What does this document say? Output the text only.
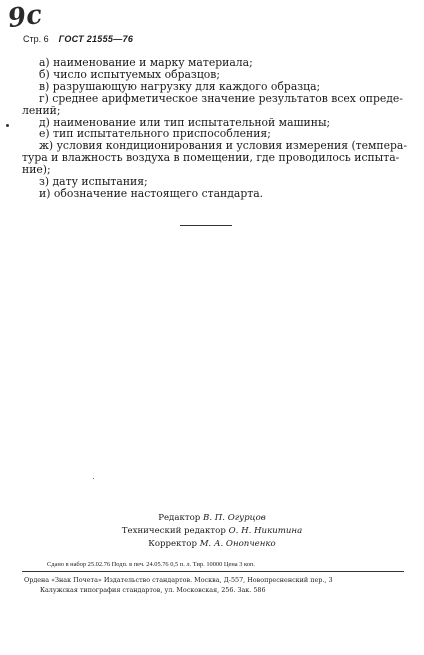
9c
Стр. 6 ГОСТ 21555—76
а) наименование и марку материала;
б) число испытуемых образцов;
в) разрушающую нагрузку для каждого образца;
г) среднее арифметическое значение результатов всех опреде-
лений;
д) наименование или тип испытательной машины;
е) тип испытательного приспособления;
ж) условия кондиционирования и условия измерения (темпера-
тура и влажность воздуха в помещении, где проводилось испыта-
ние);
з) дату испытания;
и) обозначение настоящего стандарта.
Редактор В. П. Огурцов
Технический редактор О. Н. Никитина
Корректор М. А. Онопченко
Сдано в набор 25.02.76 Подп. в печ. 24.05.76 0,5 п. л. Тир. 10000 Цена 3 коп.
Ордена «Знак Почета» Издательство стандартов. Москва, Д-557, Новопресненский пер., 3
Калужская типография стандартов, ул. Московская, 256. Зак. 586
